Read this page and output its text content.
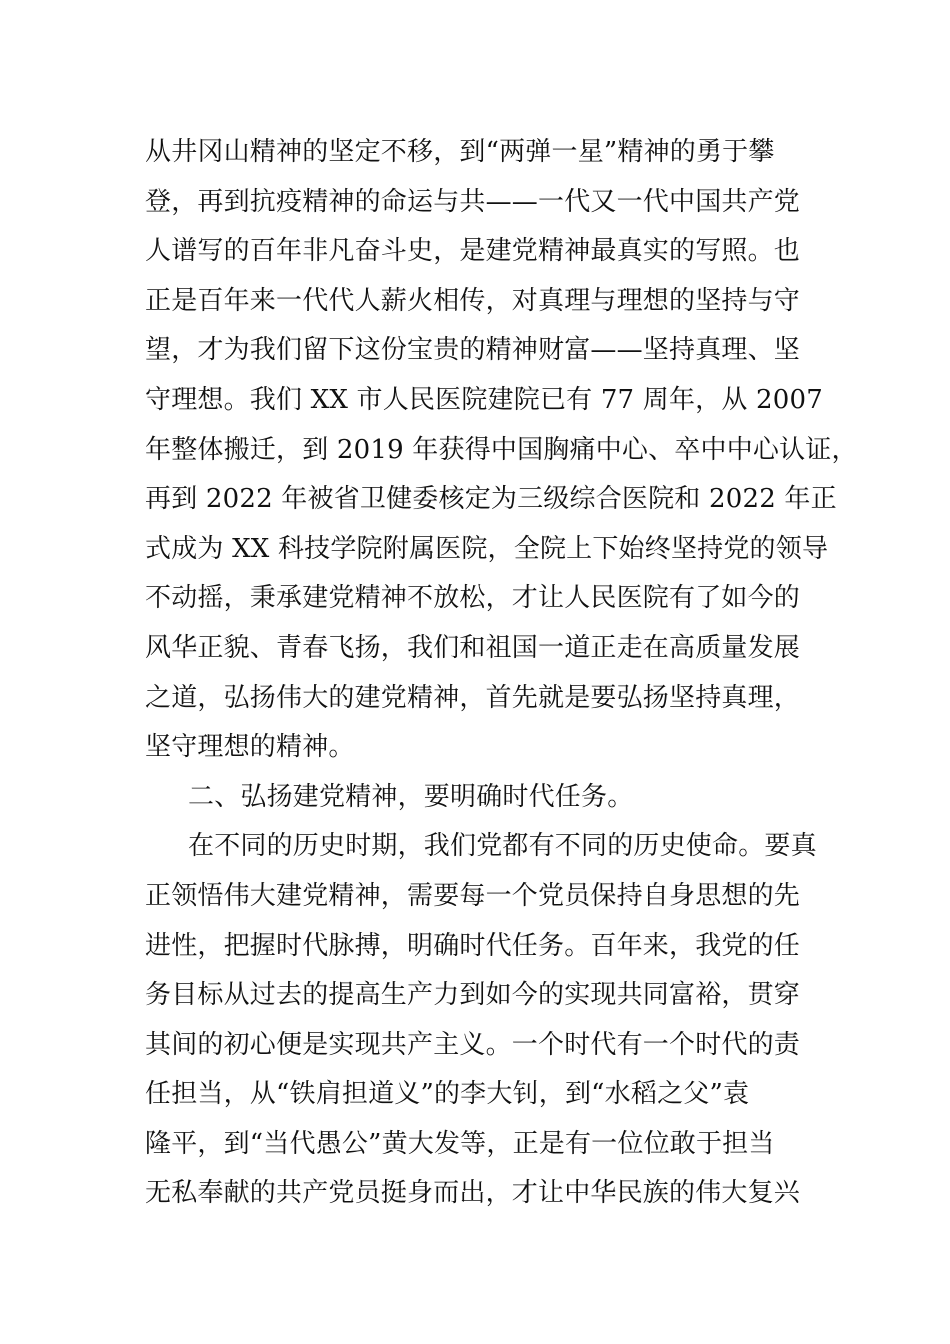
从井冈山精神的坚定不移，到“两弹一星”精神的勇于攀
登，再到抗疫精神的命运与共——一代又一代中国共产党
人谱写的百年非凡奋斗史，是建党精神最真实的写照。也
正是百年来一代代人薪火相传，对真理与理想的坚持与守
望，才为我们留下这份宝贵的精神财富——坚持真理、坚
守理想。我们 XX 市人民医院建院已有 77 周年，从 2007
年整体搬迁，到 2019 年获得中国胸痛中心、卒中中心认证，
再到 2022 年被省卫健委核定为三级综合医院和 2022 年正
式成为 XX 科技学院附属医院，全院上下始终坚持党的领导
不动摇，秉承建党精神不放松，才让人民医院有了如今的
风华正貌、青春飞扬，我们和祖国一道正走在高质量发展
之道，弘扬伟大的建党精神，首先就是要弘扬坚持真理，
坚守理想的精神。
二、弘扬建党精神，要明确时代任务。
在不同的历史时期，我们党都有不同的历史使命。要真
正领悟伟大建党精神，需要每一个党员保持自身思想的先
进性，把握时代脉搏，明确时代任务。百年来，我党的任
务目标从过去的提高生产力到如今的实现共同富裕，贯穿
其间的初心便是实现共产主义。一个时代有一个时代的责
任担当，从“铁肩担道义”的李大钊，到“水稻之父”袁
隆平，到“当代愚公”黄大发等，正是有一位位敢于担当
无私奉献的共产党员挺身而出，才让中华民族的伟大复兴
